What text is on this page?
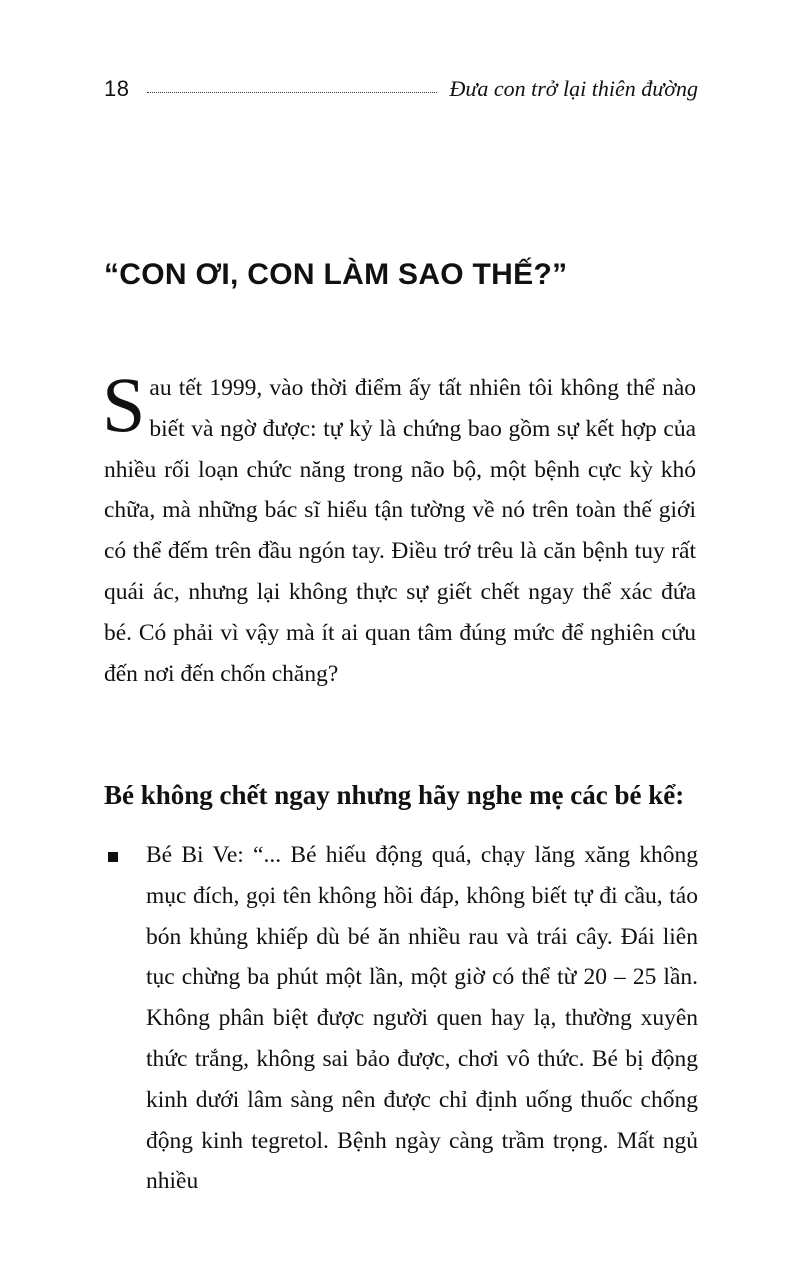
18	Đưa con trở lại thiên đường
“CON ƠI, CON LÀM SAO THẾ?”

Sau tết 1999, vào thời điểm ấy tất nhiên tôi không thể nào biết và ngờ được: tự kỷ là chứng bao gồm sự kết hợp của nhiều rối loạn chức năng trong não bộ, một bệnh cực kỳ khó chữa, mà những bác sĩ hiểu tận tường về nó trên toàn thế giới có thể đếm trên đầu ngón tay. Điều trớ trêu là căn bệnh tuy rất quái ác, nhưng lại không thực sự giết chết ngay thể xác đứa bé. Có phải vì vậy mà ít ai quan tâm đúng mức để nghiên cứu đến nơi đến chốn chăng?

Bé không chết ngay nhưng hãy nghe mẹ các bé kể:

Bé Bi Ve: “... Bé hiếu động quá, chạy lăng xăng không mục đích, gọi tên không hồi đáp, không biết tự đi cầu, táo bón khủng khiếp dù bé ăn nhiều rau và trái cây. Đái liên tục chừng ba phút một lần, một giờ có thể từ 20 – 25 lần. Không phân biệt được người quen hay lạ, thường xuyên thức trắng, không sai bảo được, chơi vô thức. Bé bị động kinh dưới lâm sàng nên được chỉ định uống thuốc chống động kinh tegretol. Bệnh ngày càng trầm trọng. Mất ngủ nhiều
